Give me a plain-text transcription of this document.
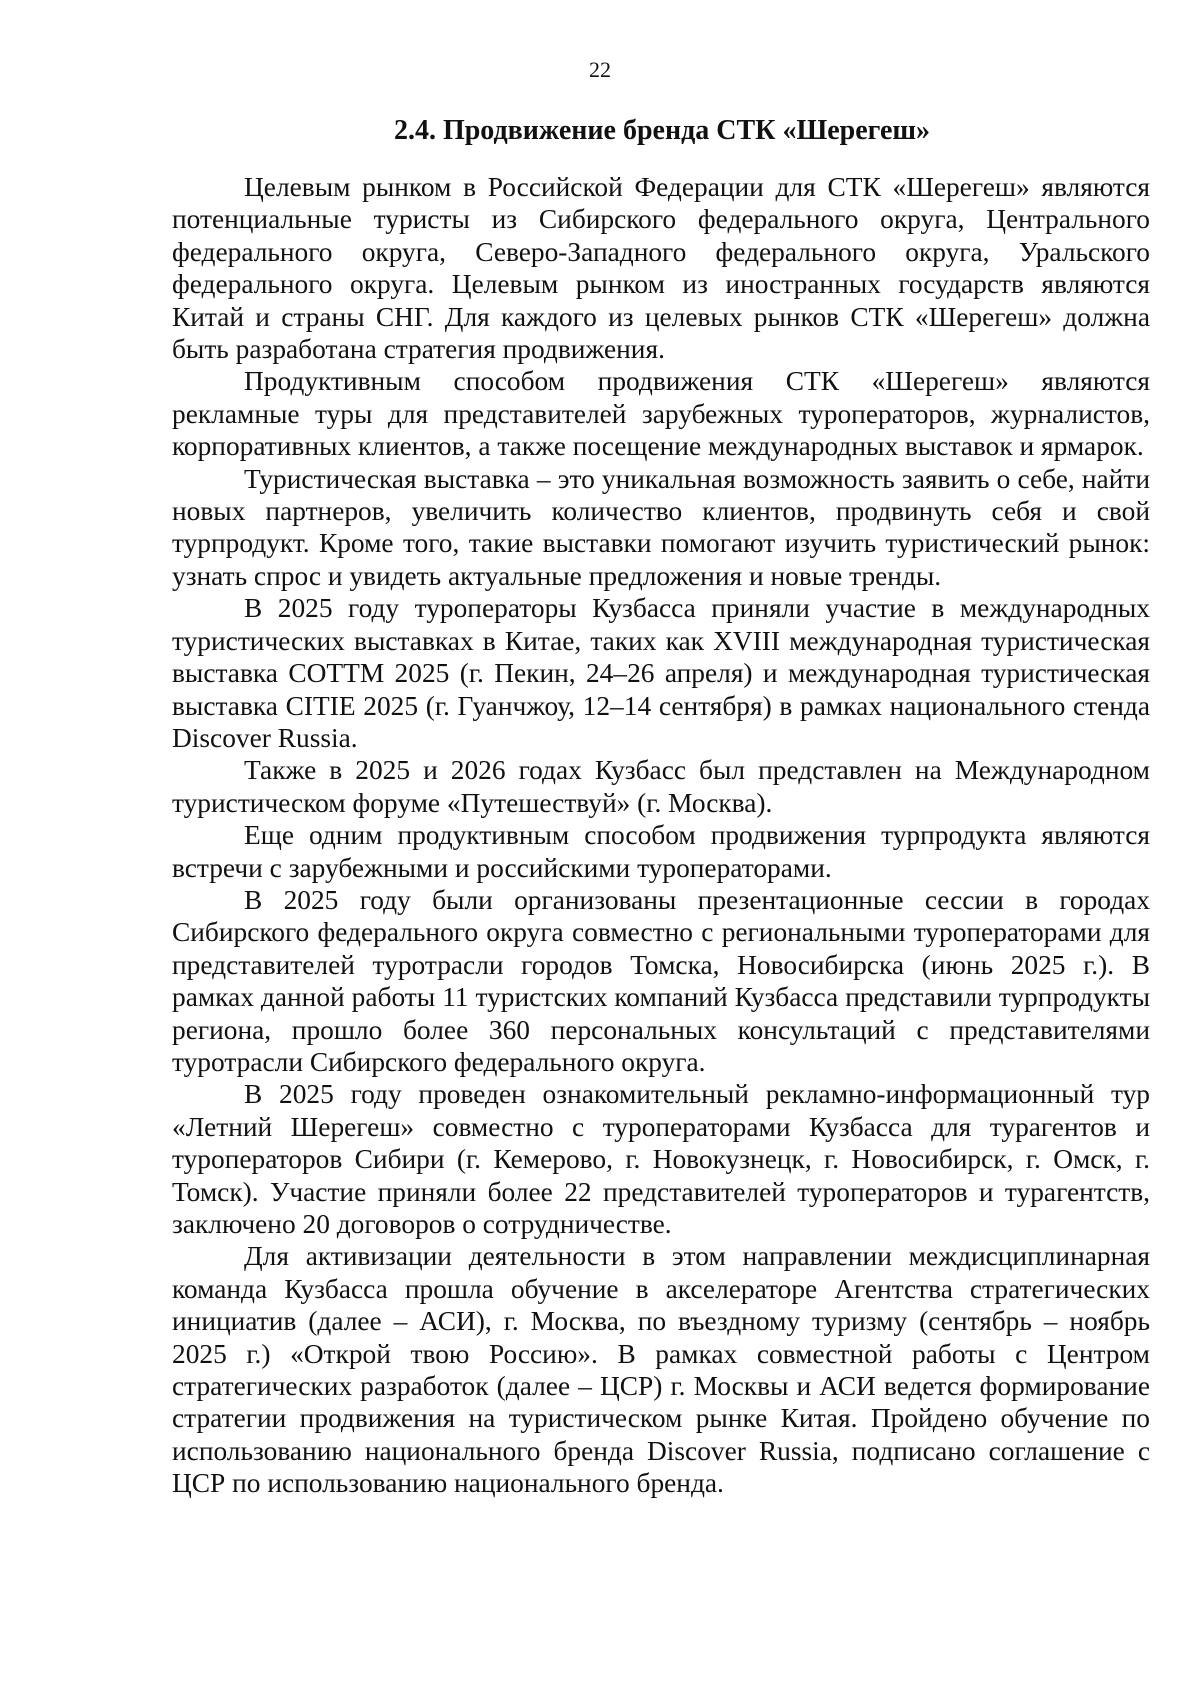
22
2.4. Продвижение бренда СТК «Шерегеш»

Целевым рынком в Российской Федерации для СТК «Шерегеш» являются потенциальные туристы из Сибирского федерального округа, Центрального федерального округа, Северо-Западного федерального округа, Уральского федерального округа. Целевым рынком из иностранных государств являются Китай и страны СНГ. Для каждого из целевых рынков СТК «Шерегеш» должна быть разработана стратегия продвижения.

Продуктивным способом продвижения СТК «Шерегеш» являются рекламные туры для представителей зарубежных туроператоров, журналистов, корпоративных клиентов, а также посещение международных выставок и ярмарок.

Туристическая выставка – это уникальная возможность заявить о себе, найти новых партнеров, увеличить количество клиентов, продвинуть себя и свой турпродукт. Кроме того, такие выставки помогают изучить туристический рынок: узнать спрос и увидеть актуальные предложения и новые тренды.

В 2025 году туроператоры Кузбасса приняли участие в международных туристических выставках в Китае, таких как XVIII международная туристическая выставка COTTM 2025 (г. Пекин, 24–26 апреля) и международная туристическая выставка CITIE 2025 (г. Гуанчжоу, 12–14 сентября) в рамках национального стенда Discover Russia.

Также в 2025 и 2026 годах Кузбасс был представлен на Международном туристическом форуме «Путешествуй» (г. Москва).

Еще одним продуктивным способом продвижения турпродукта являются встречи с зарубежными и российскими туроператорами.

В 2025 году были организованы презентационные сессии в городах Сибирского федерального округа совместно с региональными туроператорами для представителей туротрасли городов Томска, Новосибирска (июнь 2025 г.). В рамках данной работы 11 туристских компаний Кузбасса представили турпродукты региона, прошло более 360 персональных консультаций с представителями туротрасли Сибирского федерального округа.

В 2025 году проведен ознакомительный рекламно-информационный тур «Летний Шерегеш» совместно с туроператорами Кузбасса для турагентов и туроператоров Сибири (г. Кемерово, г. Новокузнецк, г. Новосибирск, г. Омск, г. Томск). Участие приняли более 22 представителей туроператоров и турагентств, заключено 20 договоров о сотрудничестве.

Для активизации деятельности в этом направлении междисциплинарная команда Кузбасса прошла обучение в акселераторе Агентства стратегических инициатив (далее – АСИ), г. Москва, по въездному туризму (сентябрь – ноябрь 2025 г.) «Открой твою Россию». В рамках совместной работы с Центром стратегических разработок (далее – ЦСР) г. Москвы и АСИ ведется формирование стратегии продвижения на туристическом рынке Китая. Пройдено обучение по использованию национального бренда Discover Russia, подписано соглашение с ЦСР по использованию национального бренда.
